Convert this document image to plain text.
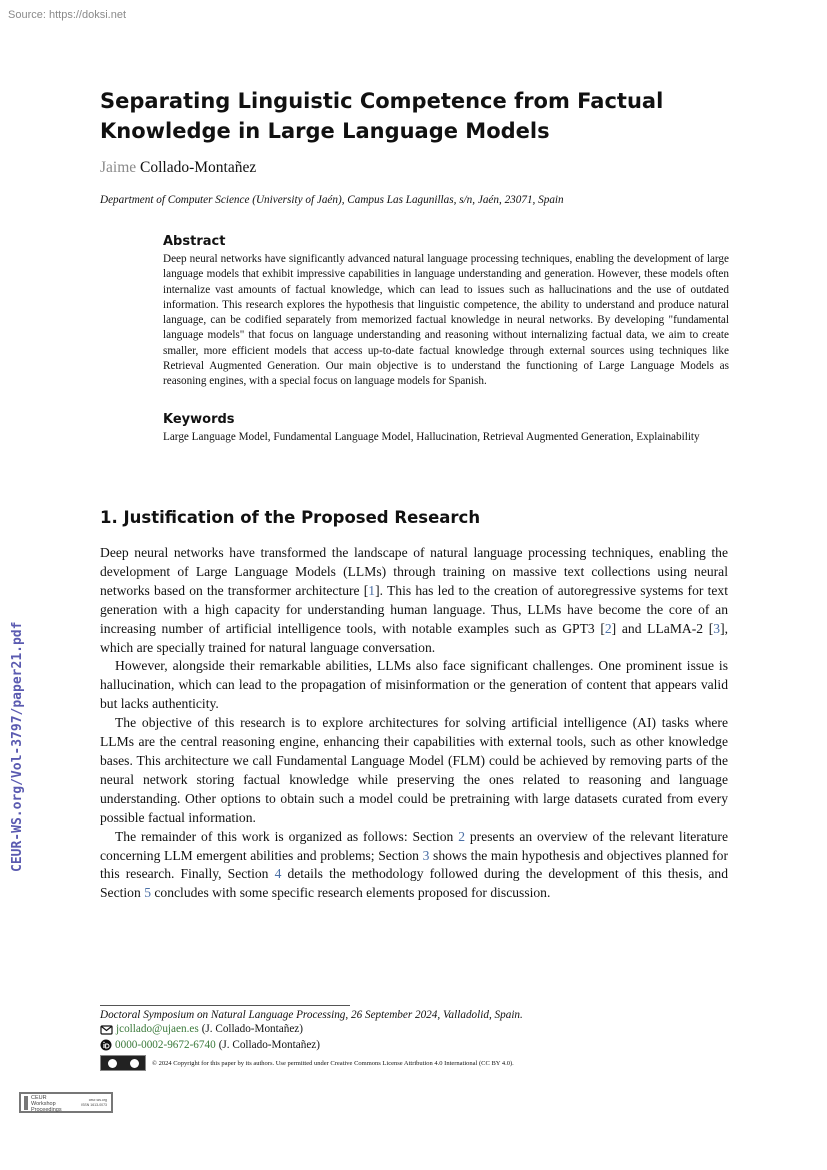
Source: https://doksi.net
CEUR-WS.org/Vol-3797/paper21.pdf
Separating Linguistic Competence from Factual Knowledge in Large Language Models
Jaime Collado-Montañez
Department of Computer Science (University of Jaén), Campus Las Lagunillas, s/n, Jaén, 23071, Spain
Abstract

Deep neural networks have significantly advanced natural language processing techniques, enabling the development of large language models that exhibit impressive capabilities in language understanding and generation. However, these models often internalize vast amounts of factual knowledge, which can lead to issues such as hallucinations and the use of outdated information. This research explores the hypothesis that linguistic competence, the ability to understand and produce natural language, can be codified separately from memorized factual knowledge in neural networks. By developing "fundamental language models" that focus on language understanding and reasoning without internalizing factual data, we aim to create smaller, more efficient models that access up-to-date factual knowledge through external sources using techniques like Retrieval Augmented Generation. Our main objective is to understand the functioning of Large Language Models as reasoning engines, with a special focus on language models for Spanish.

Keywords

Large Language Model, Fundamental Language Model, Hallucination, Retrieval Augmented Generation, Explainability

1. Justification of the Proposed Research

Deep neural networks have transformed the landscape of natural language processing techniques, enabling the development of Large Language Models (LLMs) through training on massive text collections using neural networks based on the transformer architecture [1]. This has led to the creation of autoregressive systems for text generation with a high capacity for understanding human language. Thus, LLMs have become the core of an increasing number of artificial intelligence tools, with notable examples such as GPT3 [2] and LLaMA-2 [3], which are specially trained for natural language conversation.

However, alongside their remarkable abilities, LLMs also face significant challenges. One prominent issue is hallucination, which can lead to the propagation of misinformation or the generation of content that appears valid but lacks authenticity.

The objective of this research is to explore architectures for solving artificial intelligence (AI) tasks where LLMs are the central reasoning engine, enhancing their capabilities with external tools, such as other knowledge bases. This architecture we call Fundamental Language Model (FLM) could be achieved by removing parts of the neural network storing factual knowledge while preserving the ones related to reasoning and language understanding. Other options to obtain such a model could be pretraining with large datasets curated from every possible factual information.

The remainder of this work is organized as follows: Section 2 presents an overview of the relevant literature concerning LLM emergent abilities and problems; Section 3 shows the main hypothesis and objectives planned for this research. Finally, Section 4 details the methodology followed during the development of this thesis, and Section 5 concludes with some specific research elements proposed for discussion.

Doctoral Symposium on Natural Language Processing, 26 September 2024, Valladolid, Spain.
jcollado@ujaen.es (J. Collado-Montañez)
0000-0002-9672-6740 (J. Collado-Montañez)
© 2024 Copyright for this paper by its authors. Use permitted under Creative Commons License Attribution 4.0 International (CC BY 4.0).
CEUR
Workshop
Proceedings
ceur-ws.org
ISSN 1613-0073
